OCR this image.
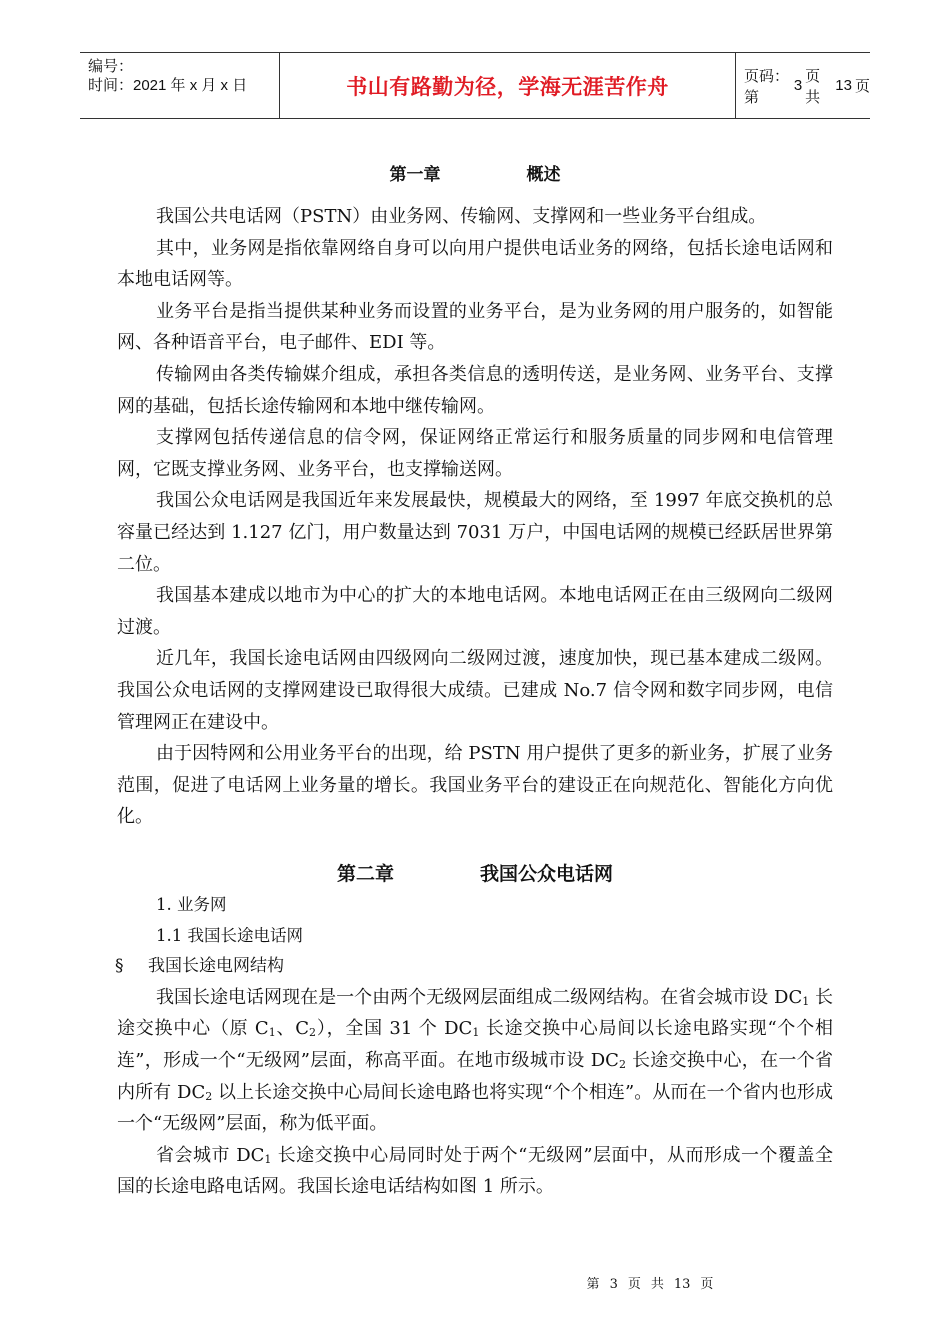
编号：
时间：2021 年 x 月 x 日	书山有路勤为径，学海无涯苦作舟	页码：第
3
页 共
13 页
第一章	概述

我国公共电话网（PSTN）由业务网、传输网、支撑网和一些业务平台组成。

其中，业务网是指依靠网络自身可以向用户提供电话业务的网络，包括长途电话网和本地电话网等。

业务平台是指当提供某种业务而设置的业务平台，是为业务网的用户服务的，如智能网、各种语音平台，电子邮件、EDI 等。

传输网由各类传输媒介组成，承担各类信息的透明传送，是业务网、业务平台、支撑网的基础，包括长途传输网和本地中继传输网。

支撑网包括传递信息的信令网，保证网络正常运行和服务质量的同步网和电信管理网，它既支撑业务网、业务平台，也支撑输送网。

我国公众电话网是我国近年来发展最快，规模最大的网络，至 1997 年底交换机的总容量已经达到 1.127 亿门，用户数量达到 7031 万户，中国电话网的规模已经跃居世界第二位。

我国基本建成以地市为中心的扩大的本地电话网。本地电话网正在由三级网向二级网过渡。

近几年，我国长途电话网由四级网向二级网过渡，速度加快，现已基本建成二级网。我国公众电话网的支撑网建设已取得很大成绩。已建成 No.7 信令网和数字同步网，电信管理网正在建设中。

由于因特网和公用业务平台的出现，给 PSTN 用户提供了更多的新业务，扩展了业务范围，促进了电话网上业务量的增长。我国业务平台的建设正在向规范化、智能化方向优化。

第二章	我国公众电话网

1. 业务网

1.1 我国长途电话网

§ 我国长途电网结构

我国长途电话网现在是一个由两个无级网层面组成二级网结构。在省会城市设 $DC_1$ 长途交换中心（原 $C_1$、$C_2$），全国 31 个 $DC_1$ 长途交换中心局间以长途电路实现“个个相连”，形成一个“无级网”层面，称高平面。在地市级城市设 $DC_2$ 长途交换中心，在一个省内所有 $DC_2$ 以上长途交换中心局间长途电路也将实现“个个相连”。从而在一个省内也形成一个“无级网”层面，称为低平面。

省会城市 $DC_1$ 长途交换中心局同时处于两个“无级网”层面中，从而形成一个覆盖全国的长途电路电话网。我国长途电话结构如图 1 所示。

第 3 页 共 13 页
